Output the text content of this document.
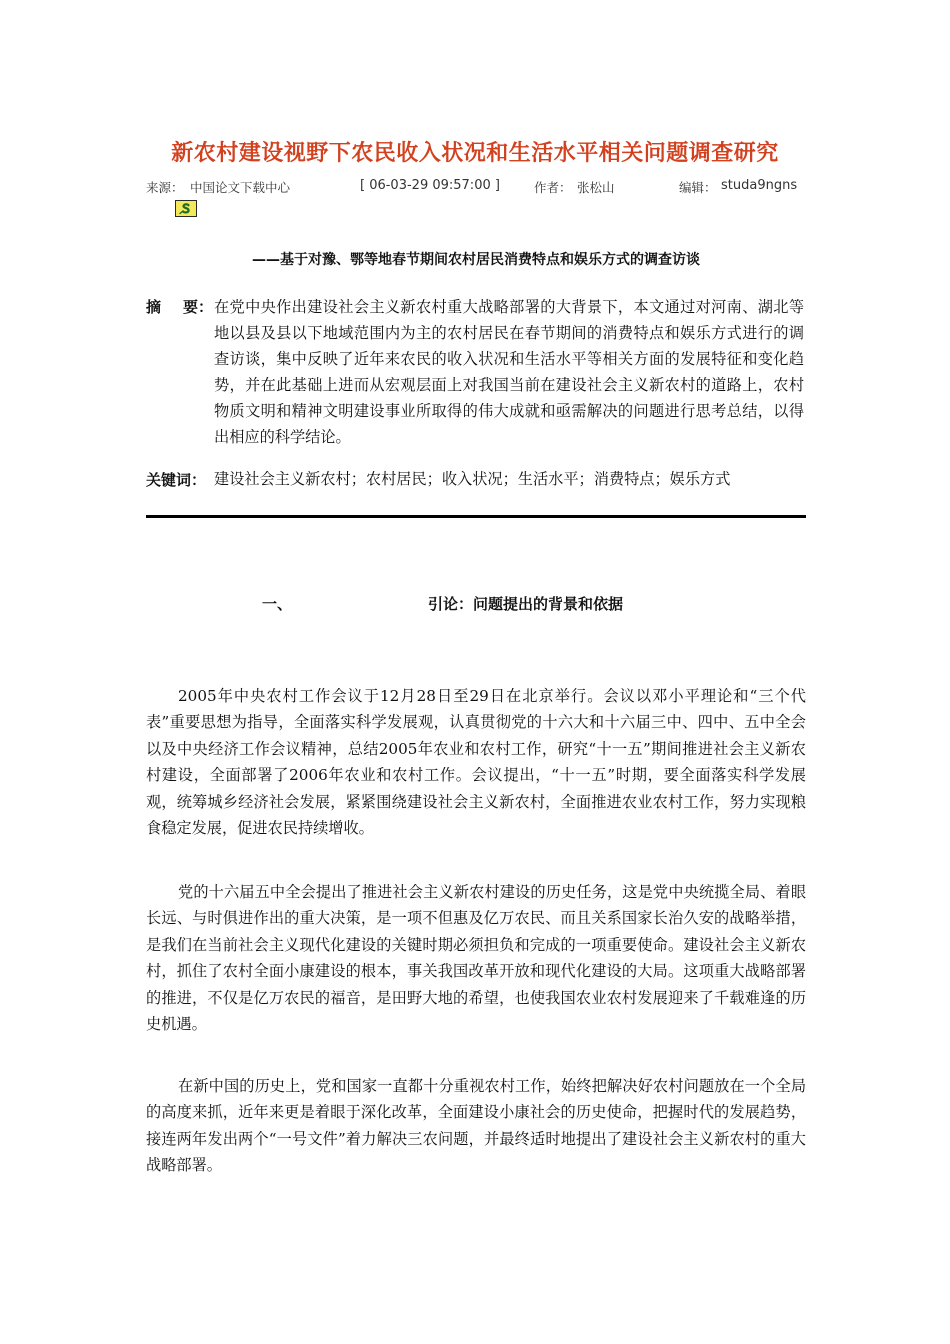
新农村建设视野下农民收入状况和生活水平相关问题调查研究
来源： 中国论文下载中心	[ 06-03-29 09:57:00 ]	作者： 张松山	编辑： studa9ngns
——基于对豫、鄂等地春节期间农村居民消费特点和娱乐方式的调查访谈
摘 要： 在党中央作出建设社会主义新农村重大战略部署的大背景下，本文通过对河南、湖北等地以县及县以下地域范围内为主的农村居民在春节期间的消费特点和娱乐方式进行的调查访谈，集中反映了近年来农民的收入状况和生活水平等相关方面的发展特征和变化趋势，并在此基础上进而从宏观层面上对我国当前在建设社会主义新农村的道路上，农村物质文明和精神文明建设事业所取得的伟大成就和亟需解决的问题进行思考总结，以得出相应的科学结论。
关键词： 建设社会主义新农村；农村居民；收入状况；生活水平；消费特点；娱乐方式
一、	引论：问题提出的背景和依据
2005年中央农村工作会议于12月28日至29日在北京举行。会议以邓小平理论和“三个代表”重要思想为指导，全面落实科学发展观，认真贯彻党的十六大和十六届三中、四中、五中全会以及中央经济工作会议精神，总结2005年农业和农村工作，研究“十一五”期间推进社会主义新农村建设，全面部署了2006年农业和农村工作。会议提出，“十一五”时期，要全面落实科学发展观，统筹城乡经济社会发展，紧紧围绕建设社会主义新农村，全面推进农业农村工作，努力实现粮食稳定发展，促进农民持续增收。
党的十六届五中全会提出了推进社会主义新农村建设的历史任务，这是党中央统揽全局、着眼长远、与时俱进作出的重大决策，是一项不但惠及亿万农民、而且关系国家长治久安的战略举措，是我们在当前社会主义现代化建设的关键时期必须担负和完成的一项重要使命。建设社会主义新农村，抓住了农村全面小康建设的根本，事关我国改革开放和现代化建设的大局。这项重大战略部署的推进，不仅是亿万农民的福音，是田野大地的希望，也使我国农业农村发展迎来了千载难逢的历史机遇。
在新中国的历史上，党和国家一直都十分重视农村工作，始终把解决好农村问题放在一个全局的高度来抓，近年来更是着眼于深化改革，全面建设小康社会的历史使命，把握时代的发展趋势，接连两年发出两个“一号文件”着力解决三农问题，并最终适时地提出了建设社会主义新农村的重大战略部署。
